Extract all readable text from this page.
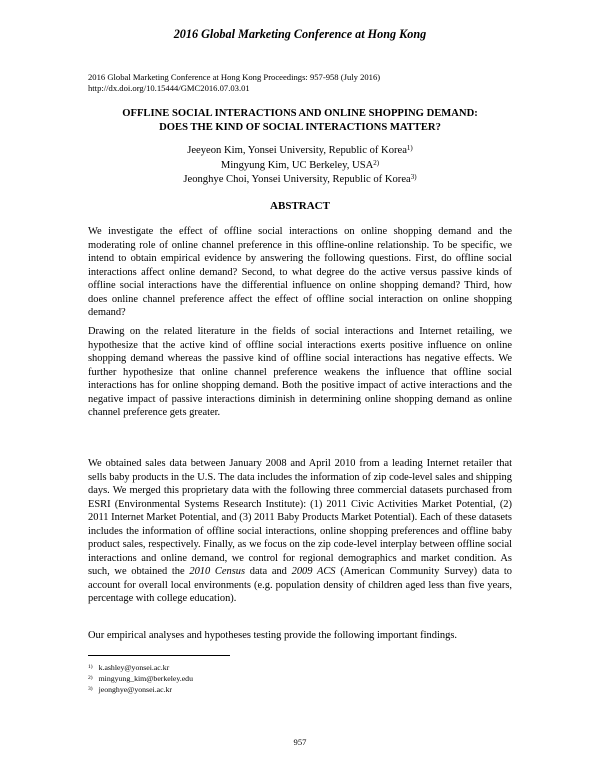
2016 Global Marketing Conference at Hong Kong
2016 Global Marketing Conference at Hong Kong Proceedings: 957-958 (July 2016)
http://dx.doi.org/10.15444/GMC2016.07.03.01
OFFLINE SOCIAL INTERACTIONS AND ONLINE SHOPPING DEMAND:
DOES THE KIND OF SOCIAL INTERACTIONS MATTER?
Jeeyeon Kim, Yonsei University, Republic of Korea$^{1)}$
Mingyung Kim, UC Berkeley, USA$^{2)}$
Jeonghye Choi, Yonsei University, Republic of Korea$^{3)}$
ABSTRACT

We investigate the effect of offline social interactions on online shopping demand and the moderating role of online channel preference in this offline-online relationship. To be specific, we intend to obtain empirical evidence by answering the following questions. First, do offline social interactions affect online demand? Second, to what degree do the active versus passive kinds of offline social interactions have the differential influence on online shopping demand? Third, how does online channel preference affect the effect of offline social interaction on online shopping demand?

Drawing on the related literature in the fields of social interactions and Internet retailing, we hypothesize that the active kind of offline social interactions exerts positive influence on online shopping demand whereas the passive kind of offline social interactions has negative effects. We further hypothesize that online channel preference weakens the influence that offline social interactions has for online shopping demand. Both the positive impact of active interactions and the negative impact of passive interactions diminish in determining online shopping demand as online channel preference gets greater.

We obtained sales data between January 2008 and April 2010 from a leading Internet retailer that sells baby products in the U.S. The data includes the information of zip code-level sales and shipping days. We merged this proprietary data with the following three commercial datasets purchased from ESRI (Environmental Systems Research Institute): (1) 2011 Civic Activities Market Potential, (2) 2011 Internet Market Potential, and (3) 2011 Baby Products Market Potential). Each of these datasets includes the information of offline social interactions, online shopping preferences and offline baby product sales, respectively. Finally, as we focus on the zip code-level interplay between offline social interactions and online demand, we control for regional demographics and market condition. As such, we obtained the 2010 Census data and 2009 ACS (American Community Survey) data to account for overall local environments (e.g. population density of children aged less than five years, percentage with college education).

Our empirical analyses and hypotheses testing provide the following important findings.

$^{1)}$ k.ashley@yonsei.ac.kr
$^{2)}$ mingyung_kim@berkeley.edu
$^{3)}$ jeonghye@yonsei.ac.kr
957
